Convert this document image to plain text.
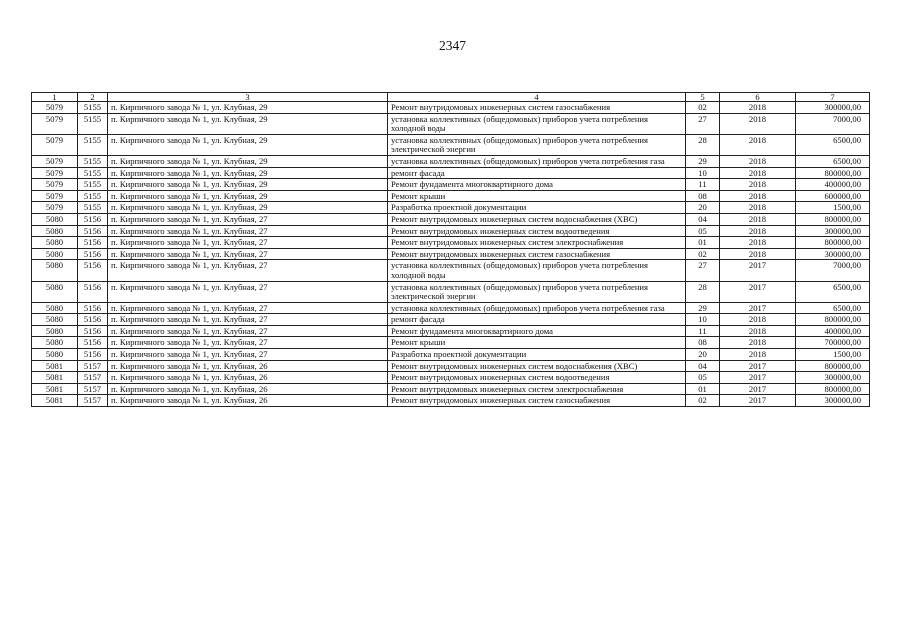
2347
1	2	3	4	5	6	7
5079	5155	п. Кирпичного завода № 1, ул. Клубная, 29	Ремонт внутридомовых инженерных систем газоснабжения	02	2018	300000,00
5079	5155	п. Кирпичного завода № 1, ул. Клубная, 29	установка коллективных (общедомовых) приборов учета потребления холодной воды	27	2018	7000,00
5079	5155	п. Кирпичного завода № 1, ул. Клубная, 29	установка коллективных (общедомовых) приборов учета потребления электрической энергии	28	2018	6500,00
5079	5155	п. Кирпичного завода № 1, ул. Клубная, 29	установка коллективных (общедомовых) приборов учета потребления газа	29	2018	6500,00
5079	5155	п. Кирпичного завода № 1, ул. Клубная, 29	ремонт фасада	10	2018	800000,00
5079	5155	п. Кирпичного завода № 1, ул. Клубная, 29	Ремонт фундамента многоквартирного дома	11	2018	400000,00
5079	5155	п. Кирпичного завода № 1, ул. Клубная, 29	Ремонт крыши	08	2018	600000,00
5079	5155	п. Кирпичного завода № 1, ул. Клубная, 29	Разработка проектной документации	20	2018	1500,00
5080	5156	п. Кирпичного завода № 1, ул. Клубная, 27	Ремонт внутридомовых инженерных систем водоснабжения (ХВС)	04	2018	800000,00
5080	5156	п. Кирпичного завода № 1, ул. Клубная, 27	Ремонт внутридомовых инженерных систем водоотведения	05	2018	300000,00
5080	5156	п. Кирпичного завода № 1, ул. Клубная, 27	Ремонт внутридомовых инженерных систем электроснабжения	01	2018	800000,00
5080	5156	п. Кирпичного завода № 1, ул. Клубная, 27	Ремонт внутридомовых инженерных систем газоснабжения	02	2018	300000,00
5080	5156	п. Кирпичного завода № 1, ул. Клубная, 27	установка коллективных (общедомовых) приборов учета потребления холодной воды	27	2017	7000,00
5080	5156	п. Кирпичного завода № 1, ул. Клубная, 27	установка коллективных (общедомовых) приборов учета потребления электрической энергии	28	2017	6500,00
5080	5156	п. Кирпичного завода № 1, ул. Клубная, 27	установка коллективных (общедомовых) приборов учета потребления газа	29	2017	6500,00
5080	5156	п. Кирпичного завода № 1, ул. Клубная, 27	ремонт фасада	10	2018	800000,00
5080	5156	п. Кирпичного завода № 1, ул. Клубная, 27	Ремонт фундамента многоквартирного дома	11	2018	400000,00
5080	5156	п. Кирпичного завода № 1, ул. Клубная, 27	Ремонт крыши	08	2018	700000,00
5080	5156	п. Кирпичного завода № 1, ул. Клубная, 27	Разработка проектной документации	20	2018	1500,00
5081	5157	п. Кирпичного завода № 1, ул. Клубная, 26	Ремонт внутридомовых инженерных систем водоснабжения (ХВС)	04	2017	800000,00
5081	5157	п. Кирпичного завода № 1, ул. Клубная, 26	Ремонт внутридомовых инженерных систем водоотведения	05	2017	300000,00
5081	5157	п. Кирпичного завода № 1, ул. Клубная, 26	Ремонт внутридомовых инженерных систем электроснабжения	01	2017	800000,00
5081	5157	п. Кирпичного завода № 1, ул. Клубная, 26	Ремонт внутридомовых инженерных систем газоснабжения	02	2017	300000,00
